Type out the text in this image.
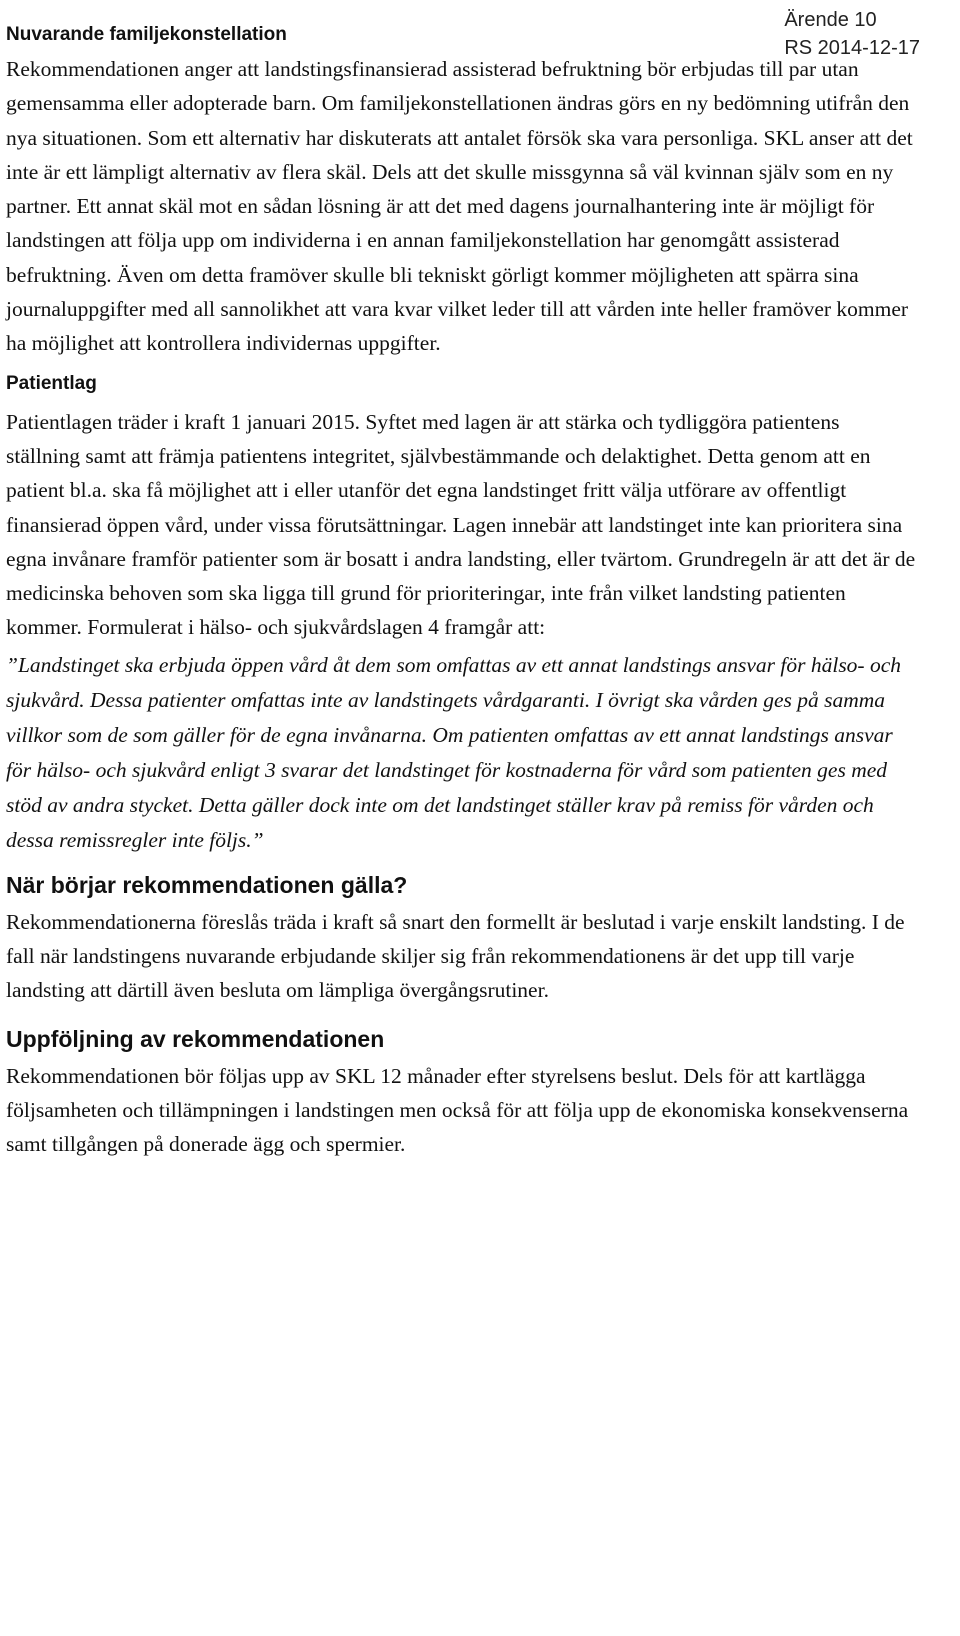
Ärende 10
RS 2014-12-17
Nuvarande familjekonstellation

Rekommendationen anger att landstingsfinansierad assisterad befruktning bör erbjudas till par utan gemensamma eller adopterade barn. Om familjekonstellationen ändras görs en ny bedömning utifrån den nya situationen. Som ett alternativ har diskuterats att antalet försök ska vara personliga. SKL anser att det inte är ett lämpligt alternativ av flera skäl. Dels att det skulle missgynna så väl kvinnan själv som en ny partner. Ett annat skäl mot en sådan lösning är att det med dagens journalhantering inte är möjligt för landstingen att följa upp om individerna i en annan familjekonstellation har genomgått assisterad befruktning. Även om detta framöver skulle bli tekniskt görligt kommer möjligheten att spärra sina journaluppgifter med all sannolikhet att vara kvar vilket leder till att vården inte heller framöver kommer ha möjlighet att kontrollera individernas uppgifter.

Patientlag

Patientlagen träder i kraft 1 januari 2015. Syftet med lagen är att stärka och tydliggöra patientens ställning samt att främja patientens integritet, självbestämmande och delaktighet. Detta genom att en patient bl.a. ska få möjlighet att i eller utanför det egna landstinget fritt välja utförare av offentligt finansierad öppen vård, under vissa förutsättningar. Lagen innebär att landstinget inte kan prioritera sina egna invånare framför patienter som är bosatt i andra landsting, eller tvärtom. Grundregeln är att det är de medicinska behoven som ska ligga till grund för prioriteringar, inte från vilket landsting patienten kommer. Formulerat i hälso- och sjukvårdslagen 4 framgår att:

”Landstinget ska erbjuda öppen vård åt dem som omfattas av ett annat landstings ansvar för hälso- och sjukvård. Dessa patienter omfattas inte av landstingets vårdgaranti. I övrigt ska vården ges på samma villkor som de som gäller för de egna invånarna. Om patienten omfattas av ett annat landstings ansvar för hälso- och sjukvård enligt 3 svarar det landstinget för kostnaderna för vård som patienten ges med stöd av andra stycket. Detta gäller dock inte om det landstinget ställer krav på remiss för vården och dessa remissregler inte följs.”

När börjar rekommendationen gälla?

Rekommendationerna föreslås träda i kraft så snart den formellt är beslutad i varje enskilt landsting. I de fall när landstingens nuvarande erbjudande skiljer sig från rekommendationens är det upp till varje landsting att därtill även besluta om lämpliga övergångsrutiner.

Uppföljning av rekommendationen

Rekommendationen bör följas upp av SKL 12 månader efter styrelsens beslut. Dels för att kartlägga följsamheten och tillämpningen i landstingen men också för att följa upp de ekonomiska konsekvenserna samt tillgången på donerade ägg och spermier.
